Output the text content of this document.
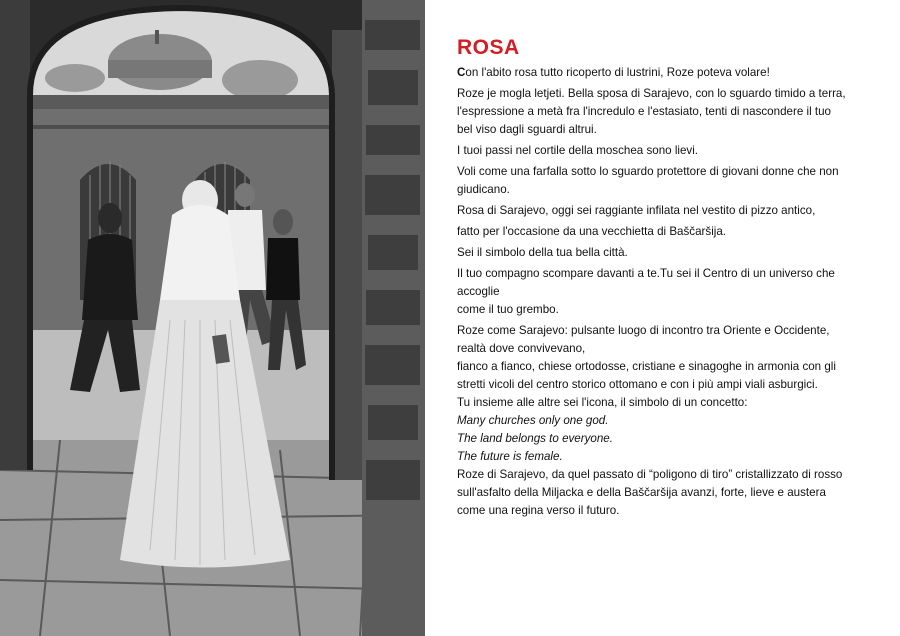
ROSA

Con l'abito rosa tutto ricoperto di lustrini, Roze poteva volare!

Roze je mogla letjeti. Bella sposa di Sarajevo, con lo sguardo timido a terra,

l'espressione a metà fra l'incredulo e l'estasiato, tenti di nascondere il tuo

bel viso dagli sguardi altrui.

I tuoi passi nel cortile della moschea sono lievi.

Voli come una farfalla sotto lo sguardo protettore di giovani donne che non

giudicano.

Rosa di Sarajevo, oggi sei raggiante infilata nel vestito di pizzo antico,

fatto per l'occasione da una vecchietta di Baščaršija.

Sei il simbolo della tua bella città.

Il tuo compagno scompare davanti a te.Tu sei il Centro di un universo che

accoglie

come il tuo grembo.

Roze come Sarajevo: pulsante luogo di incontro tra Oriente e Occidente,

realtà dove convivevano,

fianco a fianco, chiese ortodosse, cristiane e sinagoghe in armonia con gli

stretti vicoli del centro storico ottomano e con i più ampi viali asburgici.

Tu insieme alle altre sei l'icona, il simbolo di un concetto:

Many churches only one god.

The land belongs to everyone.

The future is female.

Roze di Sarajevo, da quel passato di “poligono di tiro” cristallizzato di rosso

sull'asfalto della Miljacka e della Baščaršija avanzi, forte, lieve e austera

come una regina verso il futuro.
